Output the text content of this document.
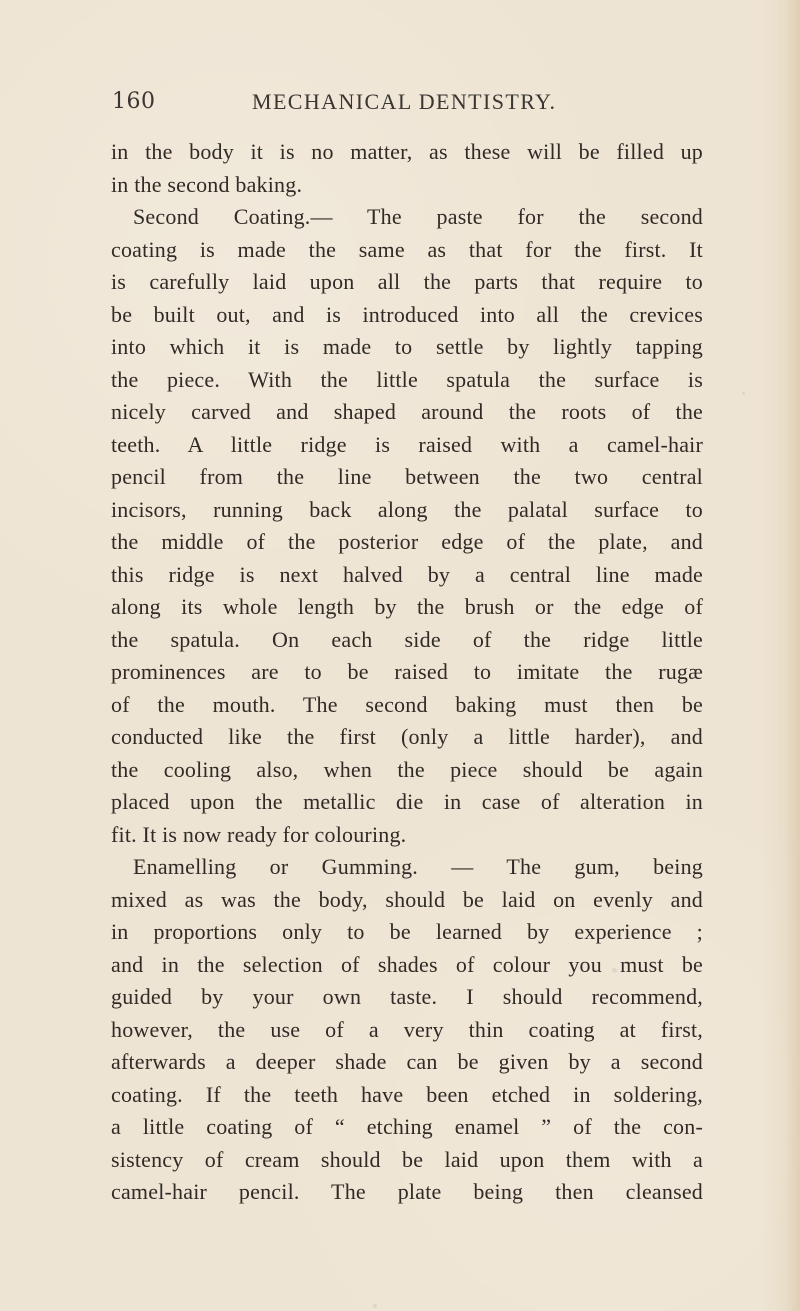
160	MECHANICAL DENTISTRY.
in the body it is no matter, as these will be filled up
in the second baking.
Second Coating.— The paste for the second
coating is made the same as that for the first. It
is carefully laid upon all the parts that require to
be built out, and is introduced into all the crevices
into which it is made to settle by lightly tapping
the piece. With the little spatula the surface is
nicely carved and shaped around the roots of the
teeth. A little ridge is raised with a camel-hair
pencil from the line between the two central
incisors, running back along the palatal surface to
the middle of the posterior edge of the plate, and
this ridge is next halved by a central line made
along its whole length by the brush or the edge of
the spatula. On each side of the ridge little
prominences are to be raised to imitate the rugæ
of the mouth. The second baking must then be
conducted like the first (only a little harder), and
the cooling also, when the piece should be again
placed upon the metallic die in case of alteration in
fit. It is now ready for colouring.
Enamelling or Gumming. — The gum, being
mixed as was the body, should be laid on evenly and
in proportions only to be learned by experience ;
and in the selection of shades of colour you must be
guided by your own taste. I should recommend,
however, the use of a very thin coating at first,
afterwards a deeper shade can be given by a second
coating. If the teeth have been etched in soldering,
a little coating of “ etching enamel ” of the con-
sistency of cream should be laid upon them with a
camel-hair pencil. The plate being then cleansed
